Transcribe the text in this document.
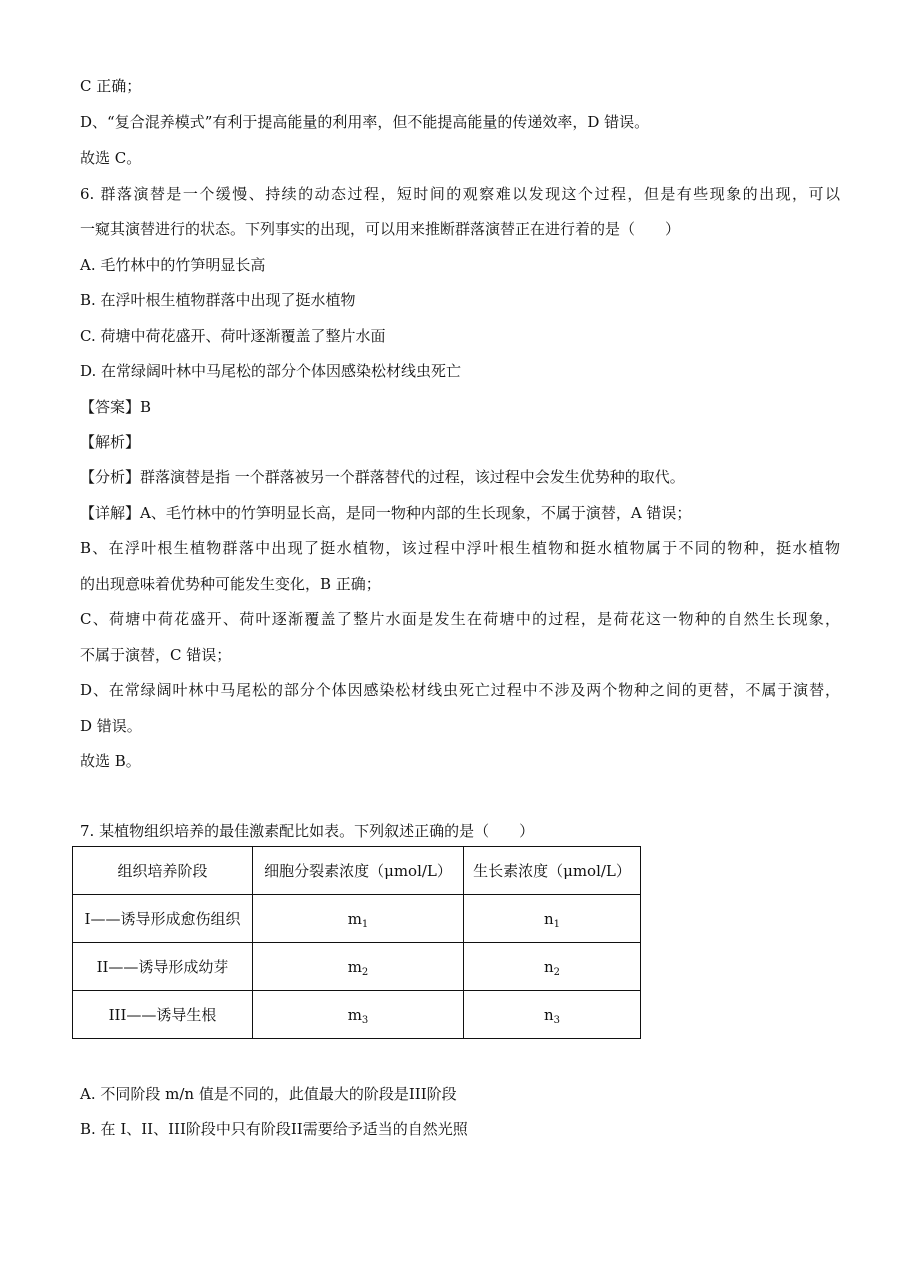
C 正确；
D、“复合混养模式”有利于提高能量的利用率，但不能提高能量的传递效率，D 错误。
故选 C。
6. 群落演替是一个缓慢、持续的动态过程，短时间的观察难以发现这个过程，但是有些现象的出现，可以
一窥其演替进行的状态。下列事实的出现，可以用来推断群落演替正在进行着的是（　　）
A. 毛竹林中的竹笋明显长高
B. 在浮叶根生植物群落中出现了挺水植物
C. 荷塘中荷花盛开、荷叶逐渐覆盖了整片水面
D. 在常绿阔叶林中马尾松的部分个体因感染松材线虫死亡
【答案】B
【解析】
【分析】群落演替是指 一个群落被另一个群落替代的过程，该过程中会发生优势种的取代。
【详解】A、毛竹林中的竹笋明显长高，是同一物种内部的生长现象，不属于演替，A 错误；
B、在浮叶根生植物群落中出现了挺水植物，该过程中浮叶根生植物和挺水植物属于不同的物种，挺水植物
的出现意味着优势种可能发生变化，B 正确；
C、荷塘中荷花盛开、荷叶逐渐覆盖了整片水面是发生在荷塘中的过程，是荷花这一物种的自然生长现象，
不属于演替，C 错误；
D、在常绿阔叶林中马尾松的部分个体因感染松材线虫死亡过程中不涉及两个物种之间的更替，不属于演替，
D 错误。
故选 B。
7. 某植物组织培养的最佳激素配比如表。下列叙述正确的是（　　）
组织培养阶段	细胞分裂素浓度（μmol/L）	生长素浓度（μmol/L）
I——诱导形成愈伤组织	$m_1$	$n_1$
II——诱导形成幼芽	$m_2$	$n_2$
III——诱导生根	$m_3$	$n_3$
A. 不同阶段 m/n 值是不同的，此值最大的阶段是III阶段
B. 在 I、II、III阶段中只有阶段II需要给予适当的自然光照
